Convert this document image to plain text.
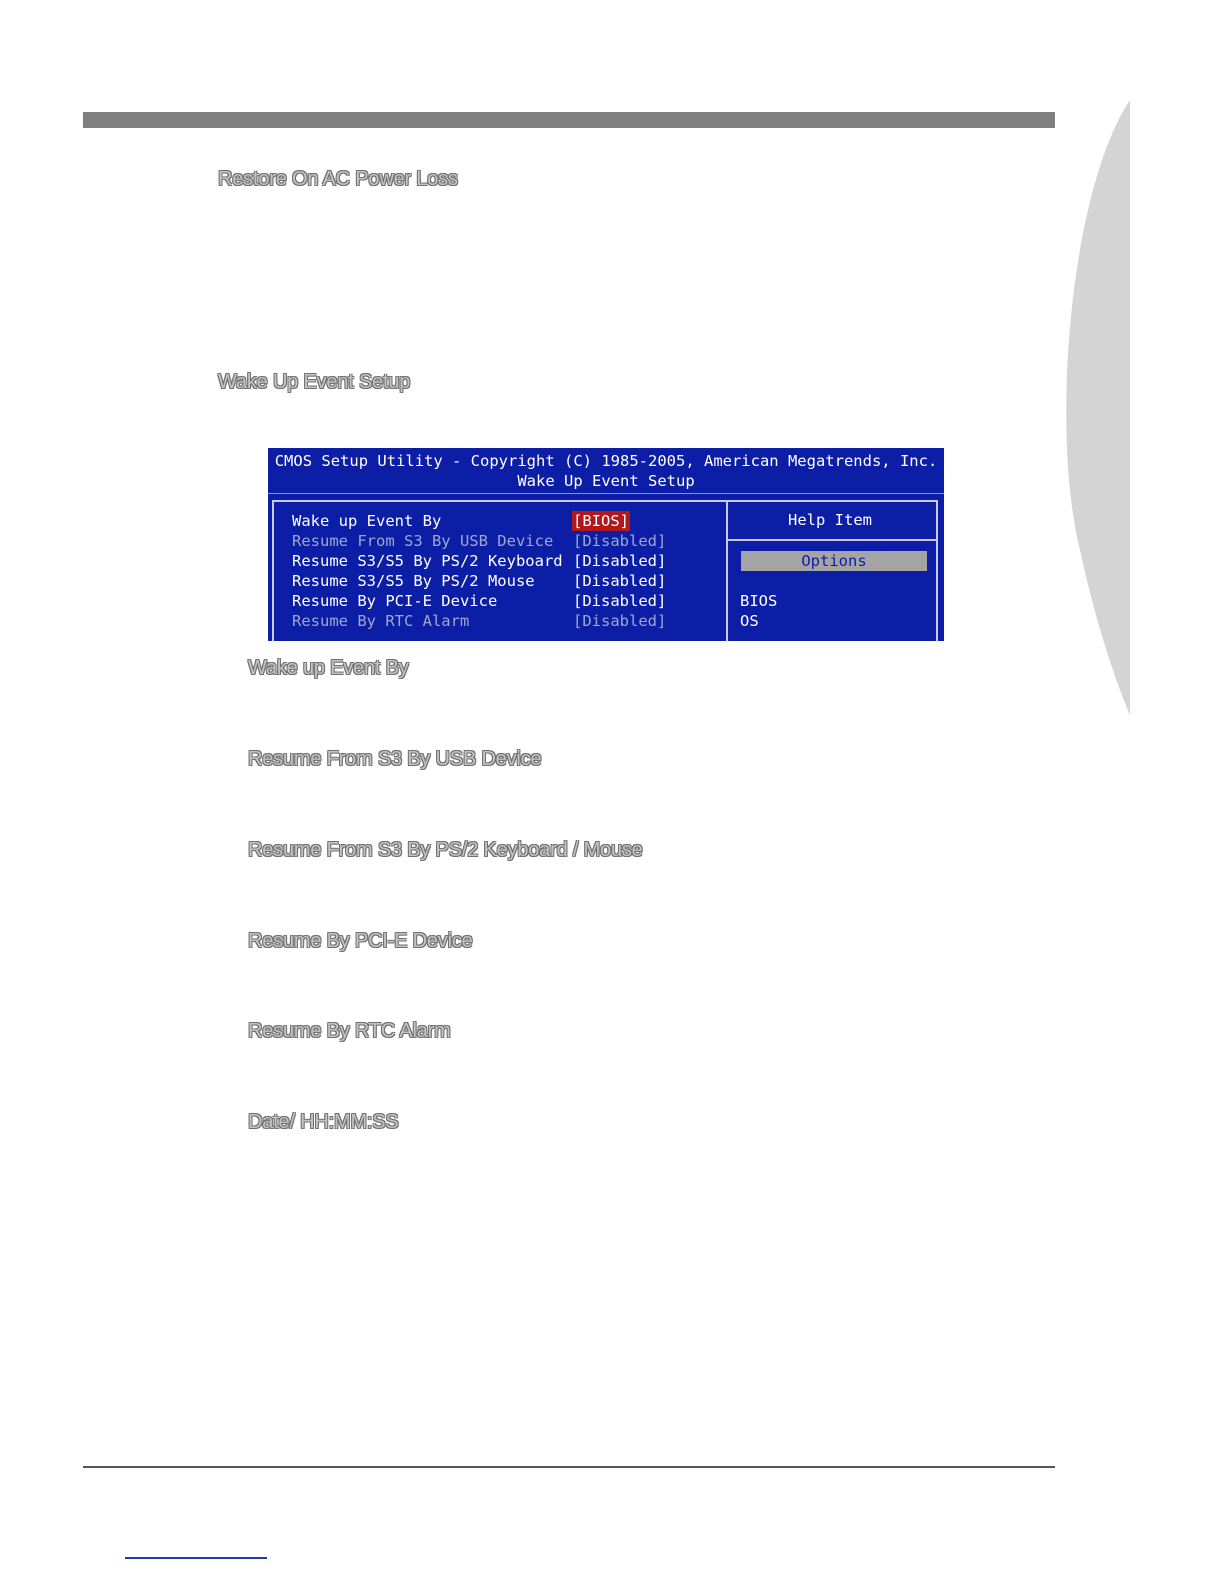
Restore On AC Power Loss
Wake Up Event Setup
CMOS Setup Utility - Copyright (C) 1985-2005, American Megatrends, Inc.
Wake Up Event Setup
Wake up Event By	[BIOS]
Resume From S3 By USB Device [Disabled]
Resume S3/S5 By PS/2 Keyboard [Disabled]
Resume S3/S5 By PS/2 Mouse [Disabled]
Resume By PCI-E Device	[Disabled]
Resume By RTC Alarm	[Disabled]
Help Item
Options
BIOS
OS
Wake up Event By
Resume From S3 By USB Device
Resume From S3 By PS/2 Keyboard / Mouse
Resume By PCI-E Device
Resume By RTC Alarm
Date/ HH:MM:SS
